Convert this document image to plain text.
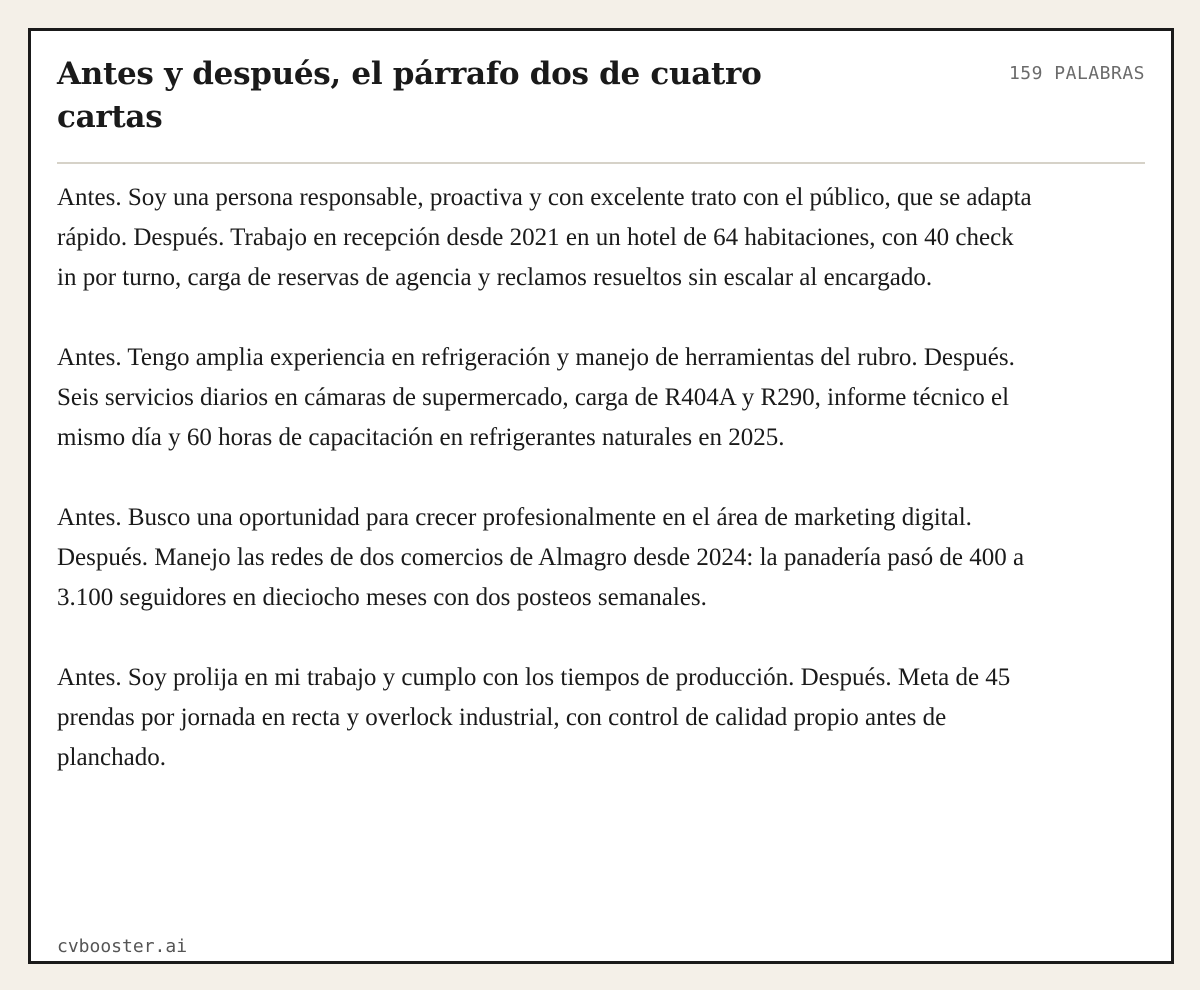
Antes y después, el párrafo dos de cuatro cartas
159 PALABRAS

Antes. Soy una persona responsable, proactiva y con excelente trato con el público, que se adapta rápido. Después. Trabajo en recepción desde 2021 en un hotel de 64 habitaciones, con 40 check in por turno, carga de reservas de agencia y reclamos resueltos sin escalar al encargado.

Antes. Tengo amplia experiencia en refrigeración y manejo de herramientas del rubro. Después. Seis servicios diarios en cámaras de supermercado, carga de R404A y R290, informe técnico el mismo día y 60 horas de capacitación en refrigerantes naturales en 2025.

Antes. Busco una oportunidad para crecer profesionalmente en el área de marketing digital. Después. Manejo las redes de dos comercios de Almagro desde 2024: la panadería pasó de 400 a 3.100 seguidores en dieciocho meses con dos posteos semanales.

Antes. Soy prolija en mi trabajo y cumplo con los tiempos de producción. Después. Meta de 45 prendas por jornada en recta y overlock industrial, con control de calidad propio antes de planchado.

cvbooster.ai
